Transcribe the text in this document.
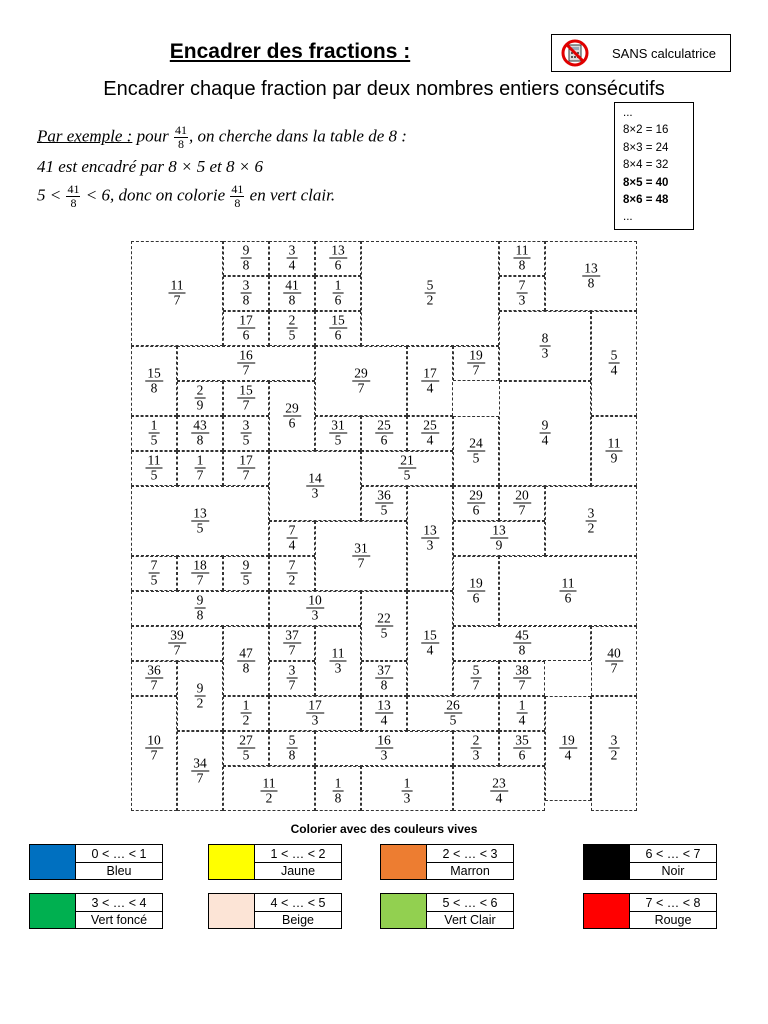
Encadrer des fractions :
Encadrer chaque fraction par deux nombres entiers consécutifs
SANS calculatrice
...
8×2 = 16
8×3 = 24
8×4 = 32
8×5 = 40
8×6 = 48
...
Par exemple : pour $\frac{41}{8}$ , on cherche dans la table de 8 :
41 est encadré par 8 × 5 et 8 × 6
$5 < \frac{41}{8} < 6$, donc on colorie $\frac{41}{8}$ en vert clair.
$\frac{11}{7}$
$\frac{9}{8}$	$\frac{3}{4} \frac{13}{6}$
$\frac{5}{2}$
$\frac{11}{8}$
$\frac{13}{8}$
$\frac{3}{8} \frac{41}{8} \frac{1}{6}$	$\frac{7}{3}$
$\frac{17}{6} \frac{2}{5} \frac{15}{6}$
$\frac{8}{3}$
$\frac{15}{8}$
$\frac{16}{7}$
$\frac{29}{7}$	$\frac{17}{4}$
$\frac{19}{7}$	$\frac{5}{4}$
$\frac{2}{9} \frac{15}{7}$
$\frac{29}{6}$
$\frac{1}{5} \frac{43}{8} \frac{3}{5}$	$\frac{31}{5} \frac{25}{6} \frac{25}{4}$
$\frac{24}{5}$
$\frac{9}{4}$
$\frac{11}{9}$
$\frac{11}{5} \frac{1}{7} \frac{17}{7}$	$\frac{21}{5}$
$\frac{14}{3}$
$\frac{13}{5}$
$\frac{36}{5}$	$\frac{29}{6} \frac{20}{7}$
$\frac{3}{2}$
$\frac{7}{4}$	$\frac{13}{3}$	$\frac{13}{9}$
$\frac{31}{7}$
$\frac{7}{5} \frac{18}{7} \frac{9}{5}$	$\frac{7}{2}$
$\frac{19}{6}$	$\frac{11}{6}$
$\frac{9}{8}$	$\frac{10}{3}$
$\frac{22}{5}$
$\frac{39}{7}$	$\frac{37}{7}$	$\frac{15}{4}$	$\frac{45}{8}$
$\frac{47}{8}$	$\frac{11}{3}$	$\frac{40}{7}$
$\frac{36}{7}$	$\frac{3}{7}$	$\frac{37}{8}$	$\frac{5}{7} \frac{38}{7}$
$\frac{9}{2}$
$\frac{1}{2}$	$\frac{17}{3}$	$\frac{13}{4}$	$\frac{26}{5}$	$\frac{1}{4}$
$\frac{19}{4}$
$\frac{10}{7}$	$\frac{3}{2}$
$\frac{27}{5} \frac{5}{8}$	$\frac{16}{3}$	$\frac{2}{3} \frac{35}{6}$
$\frac{34}{7}$
$\frac{11}{2}$	$\frac{1}{8}$	$\frac{1}{3}$	$\frac{23}{4}$
Colorier avec des couleurs vives
0 < … < 1
Bleu
1 < … < 2
Jaune
2 < … < 3
Marron
6 < … < 7
Noir
3 < … < 4
Vert foncé
4 < … < 5
Beige
5 < … < 6
Vert Clair
7 < … < 8
Rouge
